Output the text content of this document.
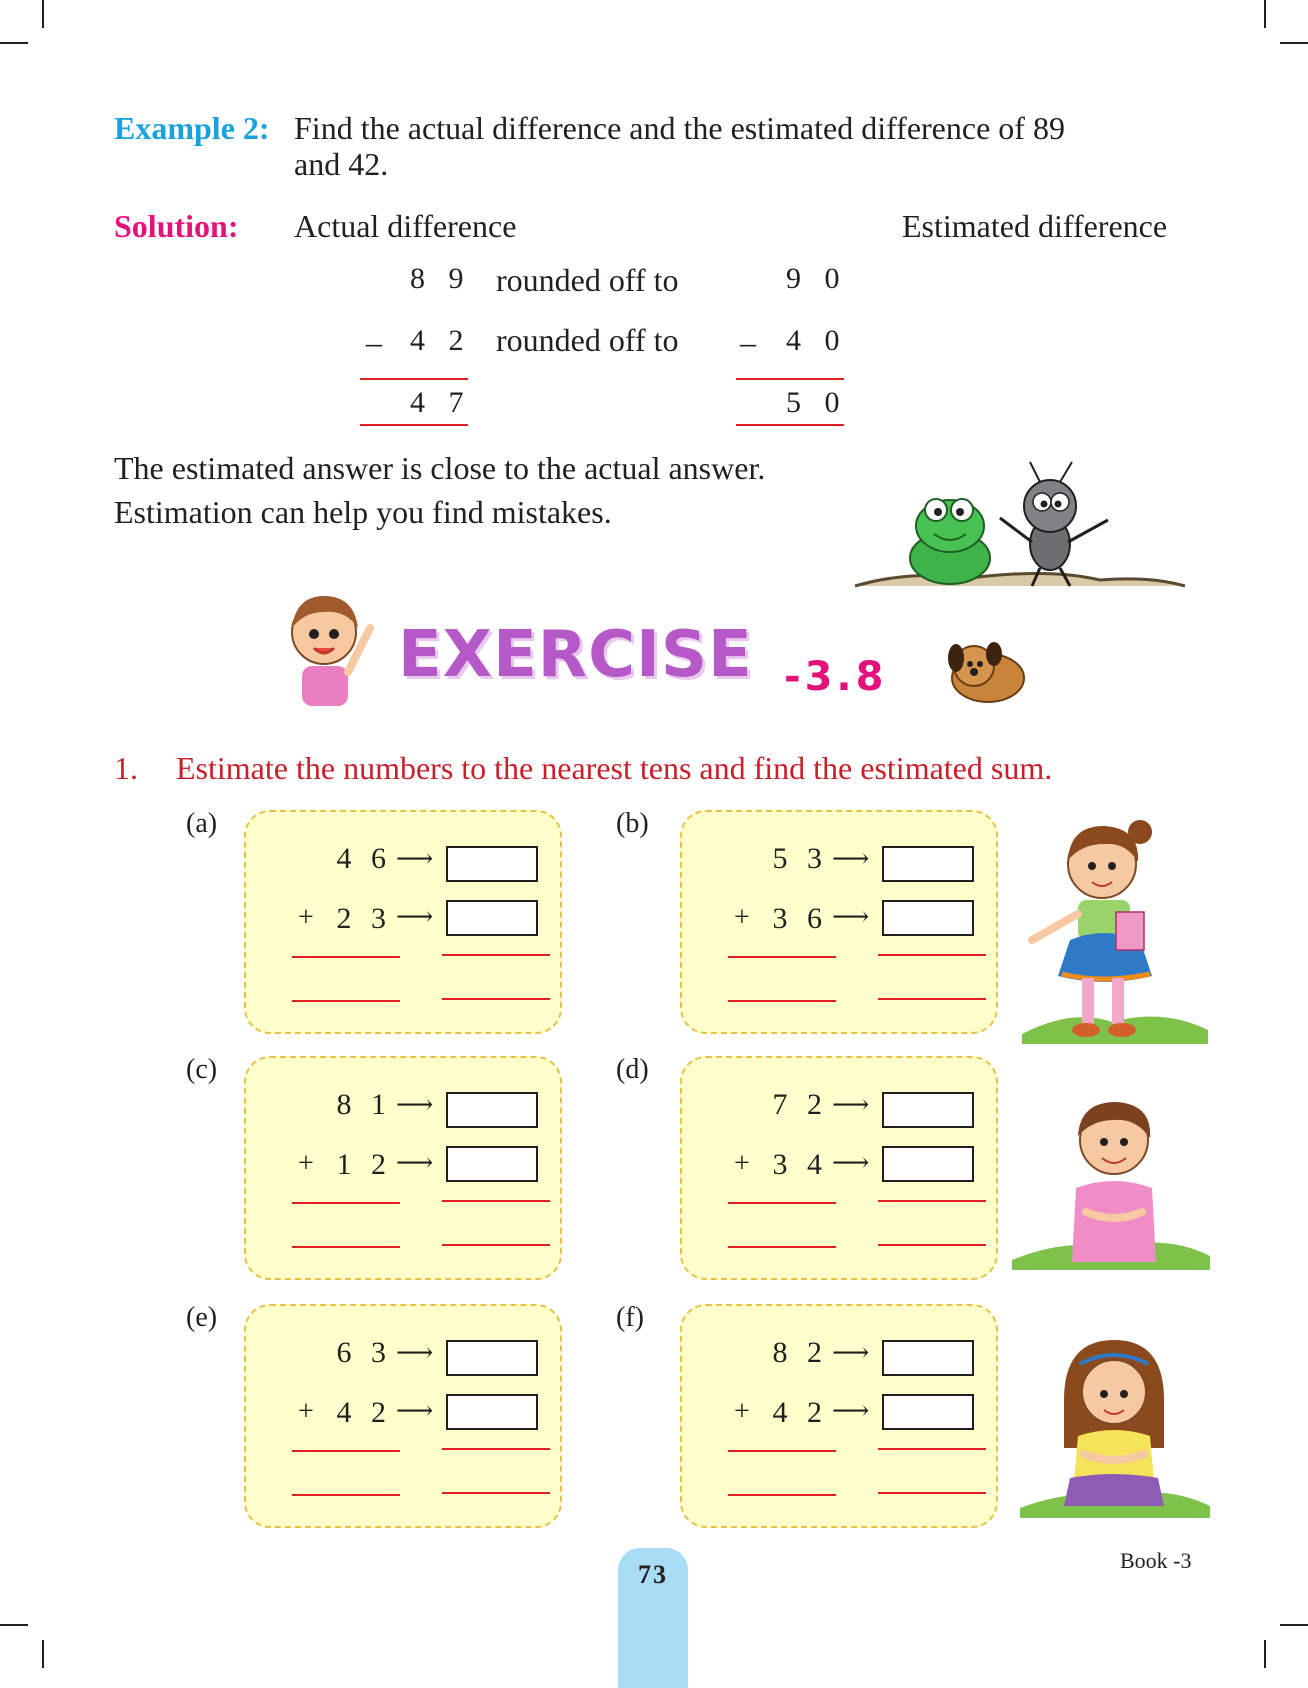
Example 2: Find the actual difference and the estimated difference of 89
and 42.
Solution: Actual difference	Estimated difference
8 9 rounded off to	9 0
– 4 2 rounded off to – 4 0
4 7	5 0
The estimated answer is close to the actual answer.
Estimation can help you find mistakes.
EXERCISE -3.8
1. Estimate the numbers to the nearest tens and find the estimated sum.
(a)
4 6 ⟶
+ 2 3 ⟶
(b)
5 3 ⟶
+ 3 6 ⟶
(c)
8 1 ⟶
+ 1 2 ⟶
(d)
7 2 ⟶
+ 3 4 ⟶
(e)
6 3 ⟶
+ 4 2 ⟶
(f)
8 2 ⟶
+ 4 2 ⟶
73	Book -3
